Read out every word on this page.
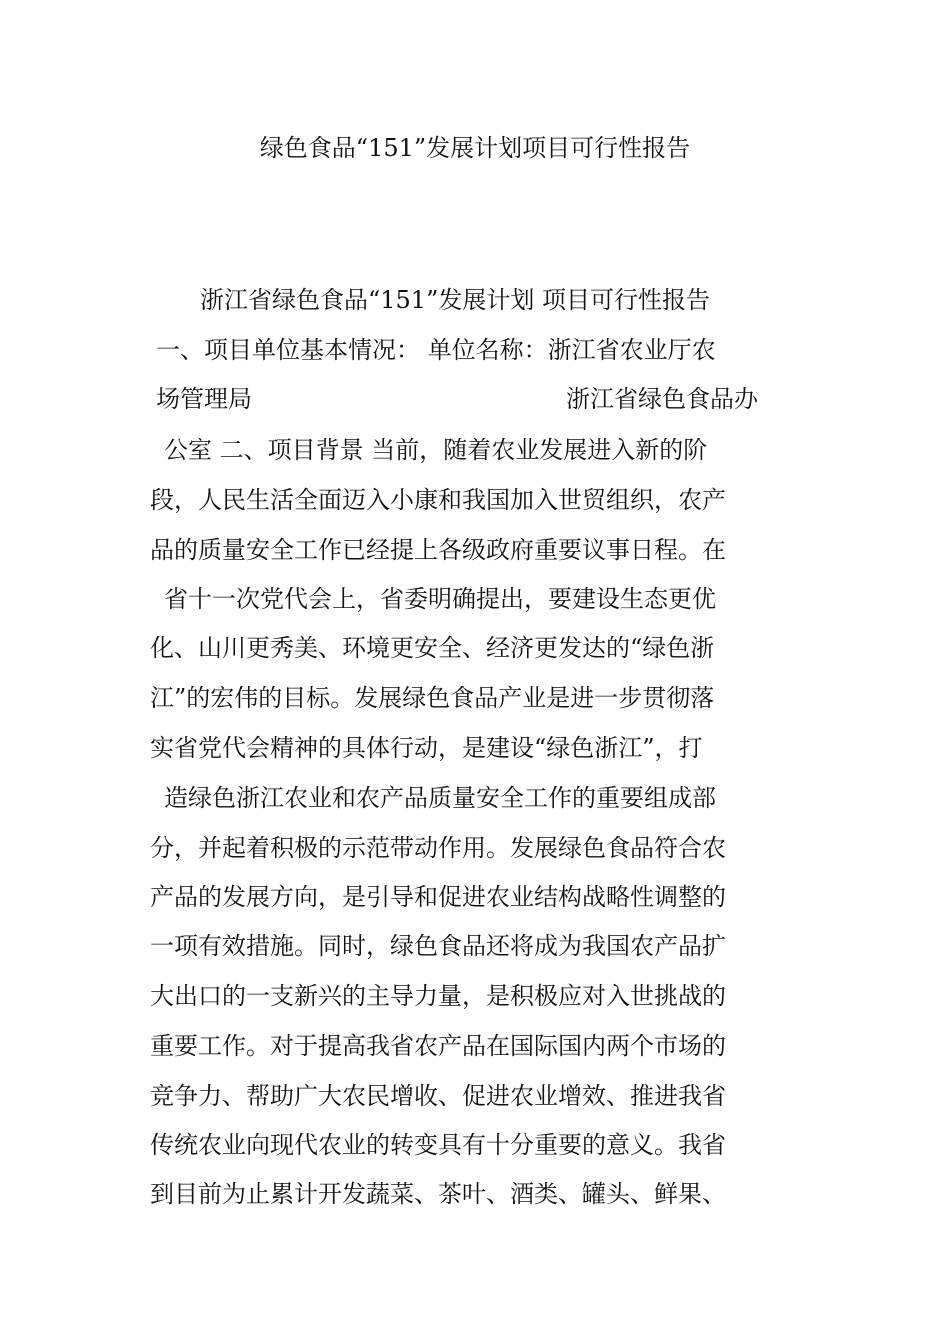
绿色食品“151”发展计划项目可行性报告
浙江省绿色食品“151”发展计划 项目可行性报告
一、项目单位基本情况： 单位名称：浙江省农业厅农
场管理局	浙江省绿色食品办
公室 二、项目背景 当前，随着农业发展进入新的阶
段，人民生活全面迈入小康和我国加入世贸组织，农产
品的质量安全工作已经提上各级政府重要议事日程。在
省十一次党代会上，省委明确提出，要建设生态更优
化、山川更秀美、环境更安全、经济更发达的“绿色浙
江”的宏伟的目标。发展绿色食品产业是进一步贯彻落
实省党代会精神的具体行动，是建设“绿色浙江”，打
造绿色浙江农业和农产品质量安全工作的重要组成部
分，并起着积极的示范带动作用。发展绿色食品符合农
产品的发展方向，是引导和促进农业结构战略性调整的
一项有效措施。同时，绿色食品还将成为我国农产品扩
大出口的一支新兴的主导力量，是积极应对入世挑战的
重要工作。对于提高我省农产品在国际国内两个市场的
竞争力、帮助广大农民增收、促进农业增效、推进我省
传统农业向现代农业的转变具有十分重要的意义。我省
到目前为止累计开发蔬菜、茶叶、酒类、罐头、鲜果、
